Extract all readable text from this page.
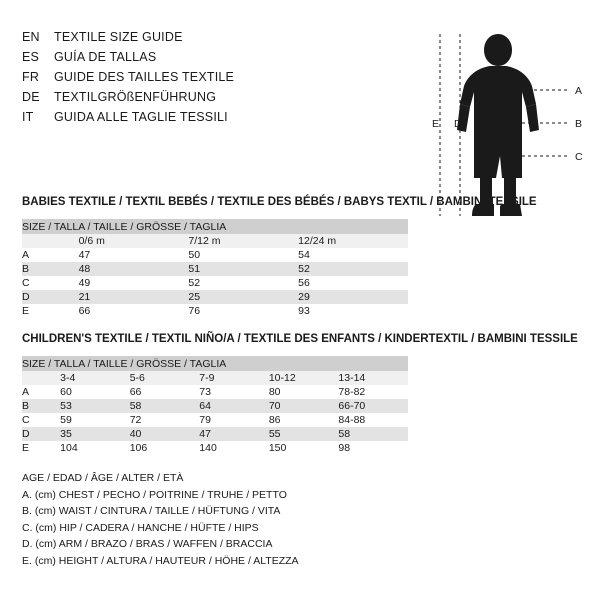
EN	TEXTILE SIZE GUIDE
ES	GUÍA DE TALLAS
FR	GUIDE DES TAILLES TEXTILE
DE	TEXTILGRÖßENFÜHRUNG
IT	GUIDA ALLE TAGLIE TESSILI
A
B
C
D
E
BABIES TEXTILE / TEXTIL BEBÉS / TEXTILE DES BÉBÉS / BABYS TEXTIL / BAMBINI TESSILE
SIZE / TALLA / TAILLE / GRÖSSE / TAGLIA			
	0/6 m	7/12 m	12/24 m
A	47	50	54
B	48	51	52
C	49	52	56
D	21	25	29
E	66	76	93
CHILDREN'S TEXTILE / TEXTIL NIÑO/A / TEXTILE DES ENFANTS / KINDERTEXTIL / BAMBINI TESSILE
SIZE / TALLA / TAILLE / GRÖSSE / TAGLIA					
	3-4	5-6	7-9	10-12	13-14
A	60	66	73	80	78-82
B	53	58	64	70	66-70
C	59	72	79	86	84-88
D	35	40	47	55	58
E	104	106	140	150	98
AGE / EDAD / ÂGE / ALTER / ETÀ
A. (cm) CHEST / PECHO / POITRINE / TRUHE / PETTO
B. (cm) WAIST / CINTURA / TAILLE / HÜFTUNG / VITA
C. (cm) HIP / CADERA / HANCHE / HÜFTE / HIPS
D. (cm) ARM / BRAZO / BRAS / WAFFEN / BRACCIA
E. (cm) HEIGHT / ALTURA / HAUTEUR / HÖHE / ALTEZZA
